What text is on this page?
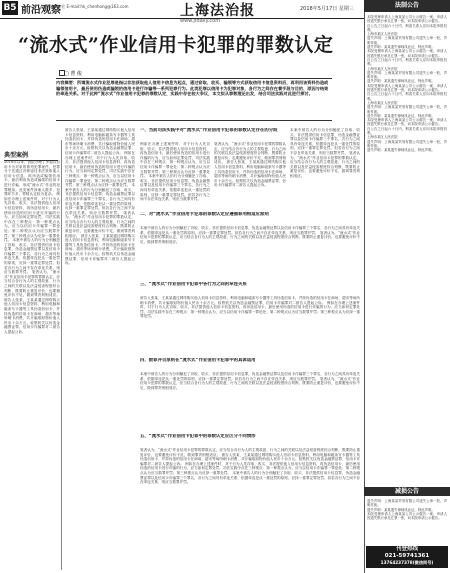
B5 前沿观察
责任编辑 陈宏 E-mail:hk_chenhong@163.com	上海法治报	2018年5月17日 星期三
www.jfdaily.com
“流水式”作业信用卡犯罪的罪数认定
□ 曹 俊
内容摘要：所谓流水式作业犯罪是指以非法获取他人信用卡信息为起点，通过窃取、收买、骗领等方式获取信用卡信息资料后，再利用该资料伪造或骗领信用卡，最后使用伪造或骗领的信用卡进行诈骗等一系列犯罪行为。此类犯罪以信用卡为犯罪对象，各行为之间存在着手段与目的、原因与结果的牵连关系。对于此种“流水式”作业信用卡犯罪的罪数认定，实践中存在较大争议，本文拟从罪数理论出发，结合司法实践对此进行探讨。
典型案例
2018年以来，我院办理了多起以信用卡为对象的系列犯罪案件。犯罪分子先通过各种途径非法获取他人信用卡信息，再伪造或骗领信用卡，最后利用伪造或骗领的信用卡进行诈骗，形成“流水式”作业的犯罪链条。此类案件涉案人数多、犯罪环节多，罪数认定较为复杂。 例如在办理上述案件时，对于行为人先窃取、收买、非法提供他人信用卡信息资料，再伪造信用卡，最后使用伪造的信用卡进行诈骗的行为，应当如何定罪处罚，司法实践中存在三种观点：第一种观点认为，应当以信用卡诈骗罪一罪论处；第二种观点认为应当数罪并罚；第三种观点认为应择一重罪处罚。 本案中被告人的行为分别触犯了窃取、收买、非法提供信用卡信息罪，伪造金融票证罪以及信用卡诈骗罪三个罪名，各行为之间具有牵连关系，依据牵连犯从一重处罚的原则，应择一重罪定罪处罚。但若各行为之间不存在牵连关系，则应当数罪并罚。 笔者认为，“流水式”作业信用卡犯罪的罪数认定，应当结合各行为人的主观故意、行为之间的关联以及法益侵害程度综合判断，既要防止重复评价，也要避免评价不足，做到罪责刑相适应。 被告人张某、王某某通过网络购买他人信用卡信息资料，利用电脑和磁条写卡器等工具伪造信用卡，并持伪造的信用卡在商场、超市等场所刷卡消费，共计骗取财物价值人民币十余万元。检察机关以伪造金融票证罪、信用卡诈骗罪对二被告人提起公诉。
被告人张某、王某某通过网络购买他人信用卡信息资料，利用电脑和磁条写卡器等工具伪造信用卡，并持伪造的信用卡在商场、超市等场所刷卡消费，共计骗取财物价值人民币十余万元。检察机关以伪造金融票证罪、信用卡诈骗罪对二被告人提起公诉。 例如在办理上述案件时，对于行为人先窃取、收买、非法提供他人信用卡信息资料，再伪造信用卡，最后使用伪造的信用卡进行诈骗的行为，应当如何定罪处罚，司法实践中存在三种观点：第一种观点认为，应当以信用卡诈骗罪一罪论处；第二种观点认为应当数罪并罚；第三种观点认为应择一重罪处罚。 本案中被告人的行为分别触犯了窃取、收买、非法提供信用卡信息罪，伪造金融票证罪以及信用卡诈骗罪三个罪名，各行为之间具有牵连关系，依据牵连犯从一重处罚的原则，应择一重罪定罪处罚。但若各行为之间不存在牵连关系，则应当数罪并罚。 笔者认为，“流水式”作业信用卡犯罪的罪数认定，应当结合各行为人的主观故意、行为之间的关联以及法益侵害程度综合判断，既要防止重复评价，也要避免评价不足，做到罪责刑相适应。 被告人张某、王某某通过网络购买他人信用卡信息资料，利用电脑和磁条写卡器等工具伪造信用卡，并持伪造的信用卡在商场、超市等场所刷卡消费，共计骗取财物价值人民币十余万元。检察机关以伪造金融票证罪、信用卡诈骗罪对二被告人提起公诉。
一、当前司法实践中对“流水式”作业信用卡犯罪的罪数认定存在的分歧
例如在办理上述案件时，对于行为人先窃取、收买、非法提供他人信用卡信息资料，再伪造信用卡，最后使用伪造的信用卡进行诈骗的行为，应当如何定罪处罚，司法实践中存在三种观点：第一种观点认为，应当以信用卡诈骗罪一罪论处；第二种观点认为应当数罪并罚；第三种观点认为应择一重罪处罚。 本案中被告人的行为分别触犯了窃取、收买、非法提供信用卡信息罪，伪造金融票证罪以及信用卡诈骗罪三个罪名，各行为之间具有牵连关系，依据牵连犯从一重处罚的原则，应择一重罪定罪处罚。但若各行为之间不存在牵连关系，则应当数罪并罚。
笔者认为，“流水式”作业信用卡犯罪的罪数认定，应当结合各行为人的主观故意、行为之间的关联以及法益侵害程度综合判断，既要防止重复评价，也要避免评价不足，做到罪责刑相适应。 被告人张某、王某某通过网络购买他人信用卡信息资料，利用电脑和磁条写卡器等工具伪造信用卡，并持伪造的信用卡在商场、超市等场所刷卡消费，共计骗取财物价值人民币十余万元。检察机关以伪造金融票证罪、信用卡诈骗罪对二被告人提起公诉。
二、对“流水式”作业信用卡犯罪的罪数认定应遵循罪刑相适应原则
本案中被告人的行为分别触犯了窃取、收买、非法提供信用卡信息罪，伪造金融票证罪以及信用卡诈骗罪三个罪名，各行为之间具有牵连关系，依据牵连犯从一重处罚的原则，应择一重罪定罪处罚。但若各行为之间不存在牵连关系，则应当数罪并罚。 笔者认为，“流水式”作业信用卡犯罪的罪数认定，应当结合各行为人的主观故意、行为之间的关联以及法益侵害程度综合判断，既要防止重复评价，也要避免评价不足，做到罪责刑相适应。
三、“流水式”作业信用卡犯罪中各行为之间的牵连关系
被告人张某、王某某通过网络购买他人信用卡信息资料，利用电脑和磁条写卡器等工具伪造信用卡，并持伪造的信用卡在商场、超市等场所刷卡消费，共计骗取财物价值人民币十余万元。检察机关以伪造金融票证罪、信用卡诈骗罪对二被告人提起公诉。 例如在办理上述案件时，对于行为人先窃取、收买、非法提供他人信用卡信息资料，再伪造信用卡，最后使用伪造的信用卡进行诈骗的行为，应当如何定罪处罚，司法实践中存在三种观点：第一种观点认为，应当以信用卡诈骗罪一罪论处；第二种观点认为应当数罪并罚；第三种观点认为应择一重罪处罚。
四、数罪并罚原则在“流水式”作业信用卡犯罪中的具体适用
本案中被告人的行为分别触犯了窃取、收买、非法提供信用卡信息罪，伪造金融票证罪以及信用卡诈骗罪三个罪名，各行为之间具有牵连关系，依据牵连犯从一重处罚的原则，应择一重罪定罪处罚。但若各行为之间不存在牵连关系，则应当数罪并罚。 笔者认为，“流水式”作业信用卡犯罪的罪数认定，应当结合各行为人的主观故意、行为之间的关联以及法益侵害程度综合判断，既要防止重复评价，也要避免评价不足，做到罪责刑相适应。
五、“流水式”作业信用卡犯罪中的罪数认定应区分不同情形
笔者认为，“流水式”作业信用卡犯罪的罪数认定，应当结合各行为人的主观故意、行为之间的关联以及法益侵害程度综合判断，既要防止重复评价，也要避免评价不足，做到罪责刑相适应。 被告人张某、王某某通过网络购买他人信用卡信息资料，利用电脑和磁条写卡器等工具伪造信用卡，并持伪造的信用卡在商场、超市等场所刷卡消费，共计骗取财物价值人民币十余万元。检察机关以伪造金融票证罪、信用卡诈骗罪对二被告人提起公诉。 例如在办理上述案件时，对于行为人先窃取、收买、非法提供他人信用卡信息资料，再伪造信用卡，最后使用伪造的信用卡进行诈骗的行为，应当如何定罪处罚，司法实践中存在三种观点：第一种观点认为，应当以信用卡诈骗罪一罪论处；第二种观点认为应当数罪并罚；第三种观点认为应择一重罪处罚。 本案中被告人的行为分别触犯了窃取、收买、非法提供信用卡信息罪，伪造金融票证罪以及信用卡诈骗罪三个罪名，各行为之间具有牵连关系，依据牵连犯从一重处罚的原则，应择一重罪定罪处罚。但若各行为之间不存在牵连关系，则应当数罪并罚。
本案中被告人的行为分别触犯了窃取、收买、非法提供信用卡信息罪，伪造金融票证罪以及信用卡诈骗罪三个罪名，各行为之间具有牵连关系，依据牵连犯从一重处罚的原则，应择一重罪定罪处罚。但若各行为之间不存在牵连关系，则应当数罪并罚。 笔者认为，“流水式”作业信用卡犯罪的罪数认定，应当结合各行为人的主观故意、行为之间的关联以及法益侵害程度综合判断，既要防止重复评价，也要避免评价不足，做到罪责刑相适应。
法制公告
本院受理申请人上海某某公司公示催告一案，申请人因遗失银行承兑汇票一张，向本院申请公示催告。
自公告之日起六十日内，利害关系人应向本院申报权利。
上海市某区人民法院
遗失声明：上海某某贸易有限公司遗失公章一枚，声明作废。
遗失声明：某某遗失律师执业证，特此声明。
本院受理申请人上海某某公司公示催告一案，申请人因遗失银行承兑汇票一张，向本院申请公示催告。
自公告之日起六十日内，利害关系人应向本院申报权利。
上海市某区人民法院
遗失声明：上海某某贸易有限公司遗失公章一枚，声明作废。
遗失声明：某某遗失律师执业证，特此声明。
本院受理申请人上海某某公司公示催告一案，申请人因遗失银行承兑汇票一张，向本院申请公示催告。
自公告之日起六十日内，利害关系人应向本院申报权利。
上海市某区人民法院
遗失声明：上海某某贸易有限公司遗失公章一枚，声明作废。
遗失声明：某某遗失律师执业证，特此声明。
本院受理申请人上海某某公司公示催告一案，申请人因遗失银行承兑汇票一张，向本院申请公示催告。
自公告之日起六十日内，利害关系人应向本院申报权利。
上海市某区人民法院
遗失声明：上海某某贸易有限公司遗失公章一枚，声明作废。
遗失声明：某某遗失律师执业证，特此声明。
减损公告
遗失声明：上海某某贸易有限公司遗失公章一枚，声明作废。
遗失声明：某某遗失律师执业证，特此声明。
本院受理申请人上海某某公司公示催告一案，申请人因遗失银行承兑汇票一张，向本院申请公示催告。
刊登热线
021-59741361
13764237378(微信同号)
